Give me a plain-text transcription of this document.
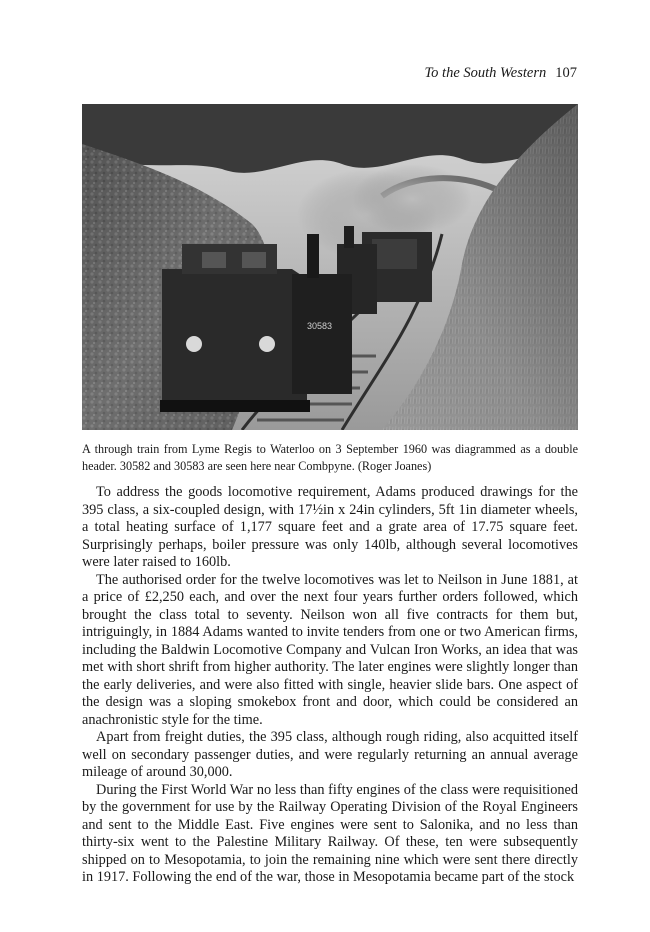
To the South Western 107
30583

A through train from Lyme Regis to Waterloo on 3 September 1960 was diagrammed as a double header. 30582 and 30583 are seen here near Combpyne. (Roger Joanes)

To address the goods locomotive requirement, Adams produced drawings for the 395 class, a six-coupled design, with 17½in x 24in cylinders, 5ft 1in diameter wheels, a total heating surface of 1,177 square feet and a grate area of 17.75 square feet. Surprisingly perhaps, boiler pressure was only 140lb, although several locomotives were later raised to 160lb.

The authorised order for the twelve locomotives was let to Neilson in June 1881, at a price of £2,250 each, and over the next four years further orders followed, which brought the class total to seventy. Neilson won all five contracts for them but, intriguingly, in 1884 Adams wanted to invite tenders from one or two American firms, including the Baldwin Locomotive Company and Vulcan Iron Works, an idea that was met with short shrift from higher authority. The later engines were slightly longer than the early deliveries, and were also fitted with single, heavier slide bars. One aspect of the design was a sloping smokebox front and door, which could be considered an anachronistic style for the time.

Apart from freight duties, the 395 class, although rough riding, also acquitted itself well on secondary passenger duties, and were regularly returning an annual average mileage of around 30,000.

During the First World War no less than fifty engines of the class were requisitioned by the government for use by the Railway Operating Division of the Royal Engineers and sent to the Middle East. Five engines were sent to Salonika, and no less than thirty-six went to the Palestine Military Railway. Of these, ten were subsequently shipped on to Mesopotamia, to join the remaining nine which were sent there directly in 1917. Following the end of the war, those in Mesopotamia became part of the stock
